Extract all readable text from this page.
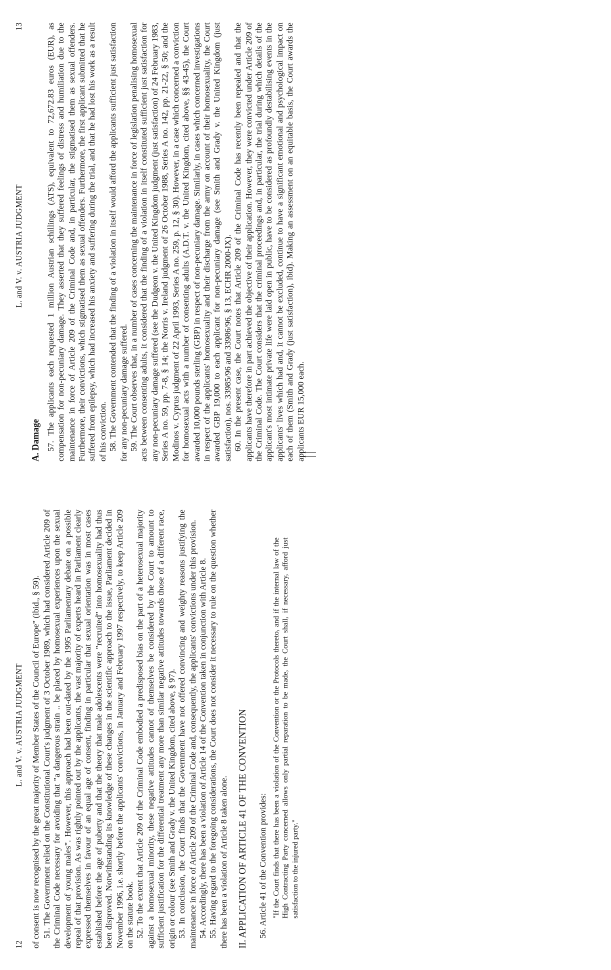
12
L. and V. v. AUSTRIA JUDGMENT of consent is now recognised by the great majority of Member States of the Council of Europe" (ibid., § 59). 51. The Government relied on the Constitutional Court's judgment of 3 October 1989, which had considered Article 209 of the Criminal Code necessary for avoiding that "a dangerous strain .. be placed by homosexual experiences upon the sexual development of young males". However, this approach had been out-dated by the 1995 Parliamentary debate on a possible repeal of that provision. As was rightly pointed out by the applicants, the vast majority of experts heard in Parliament clearly expressed themselves in favour of an equal age of consent, finding in particular that sexual orientation was in most cases established before the age of puberty and that the theory that male adolescents were "recruited" into homosexuality had thus been disproved. Notwithstanding its knowledge of these changes in the scientific approach to the issue, Parliament decided in November 1996, i.e. shortly before the applicants' convictions, in January and February 1997 respectively, to keep Article 209 on the statute book. 52. To the extent that Article 209 of the Criminal Code embodied a predisposed bias on the part of a heterosexual majority against a homosexual minority, these negative attitudes cannot of themselves be considered by the Court to amount to sufficient justification for the differential treatment any more than similar negative attitudes towards those of a different race, origin or colour (see Smith and Grady v. the United Kingdom, cited above, § 97). 53. In conclusion, the Court finds that the Government have not offered convincing and weighty reasons justifying the maintenance in force of Article 209 of the Criminal Code and, consequently, the applicants' convictions under this provision. 54. Accordingly, there has been a violation of Article 14 of the Convention taken in conjunction with Article 8. 55. Having regard to the foregoing considerations, the Court does not consider it necessary to rule on the question whether there has been a violation of Article 8 taken alone. II. APPLICATION OF ARTICLE 41 OF THE CONVENTION 56. Article 41 of the Convention provides: "If the Court finds that there has been a violation of the Convention or the Protocols thereto, and if the internal law of the High Contracting Party concerned allows only partial reparation to be made, the Court shall, if necessary, afford just satisfaction to the injured party."

L. and V. v. AUSTRIA JUDGMENT
13
A. Damage 57. The applicants each requested 1 million Austrian schillings (ATS), equivalent to 72,672.83 euros (EUR), as compensation for non-pecuniary damage. They asserted that they suffered feelings of distress and humiliation due to the maintenance in force of Article 209 of the Criminal Code and, in particular, the stigmatised them as sexual offenders. Furthermore, their convictions, which stigmatised them as sexual offenders. Furthermore, the first applicant submitted that he suffered from epilepsy, which had increased his anxiety and suffering during the trial, and that he had lost his work as a result of his conviction. 58. The Government contended that the finding of a violation in itself would afford the applicants sufficient just satisfaction for any non-pecuniary damage suffered. 59. The Court observes that, in a number of cases concerning the maintenance in force of legislation penalising homosexual acts between consenting adults, it considered that the finding of a violation in itself constituted sufficient just satisfaction for any non-pecuniary damage suffered (see the Dudgeon v. the United Kingdom judgment (just satisfaction) of 24 February 1983, Series A no. 59, pp. 7-8, § 14; the Norris v. Ireland judgment of 26 October 1988, Series A no. 142, pp. 21-22, § 50; and the Modinos v. Cyprus judgment of 22 April 1993, Series A no. 259, p. 12, § 30). However, in a case which concerned a conviction for homosexual acts with a number of consenting adults (A.D.T. v. the United Kingdom, cited above, §§ 43-45), the Court awarded 10,000 pounds sterling (GBP) in respect of non-pecuniary damage. Similarly, in cases which concerned investigations in respect of the applicants' homosexuality and their discharge from the army on account of their homosexuality, the Court awarded GBP 19,000 to each applicant for non-pecuniary damage (see Smith and Grady v. the United Kingdom (just satisfaction), nos. 33985/96 and 33986/96, § 13, ECHR 2000-IX). 60. In the present case, the Court notes that Article 209 of the Criminal Code has recently been repealed and that the applicants have therefore in part achieved the objective of their application. However, they were convicted under Article 209 of the Criminal Code. The Court considers that the criminal proceedings and, in particular, the trial during which details of the applicant's most intimate private life were laid open in public, have to be considered as profoundly destabilising events in the applicants' lives which had and, it cannot be excluded, continue to have a significant emotional and psychological impact on each of them (Smith and Grady (just satisfaction), ibid). Making an assessment on an equitable basis, the Court awards the applicants EUR 15,000 each.
